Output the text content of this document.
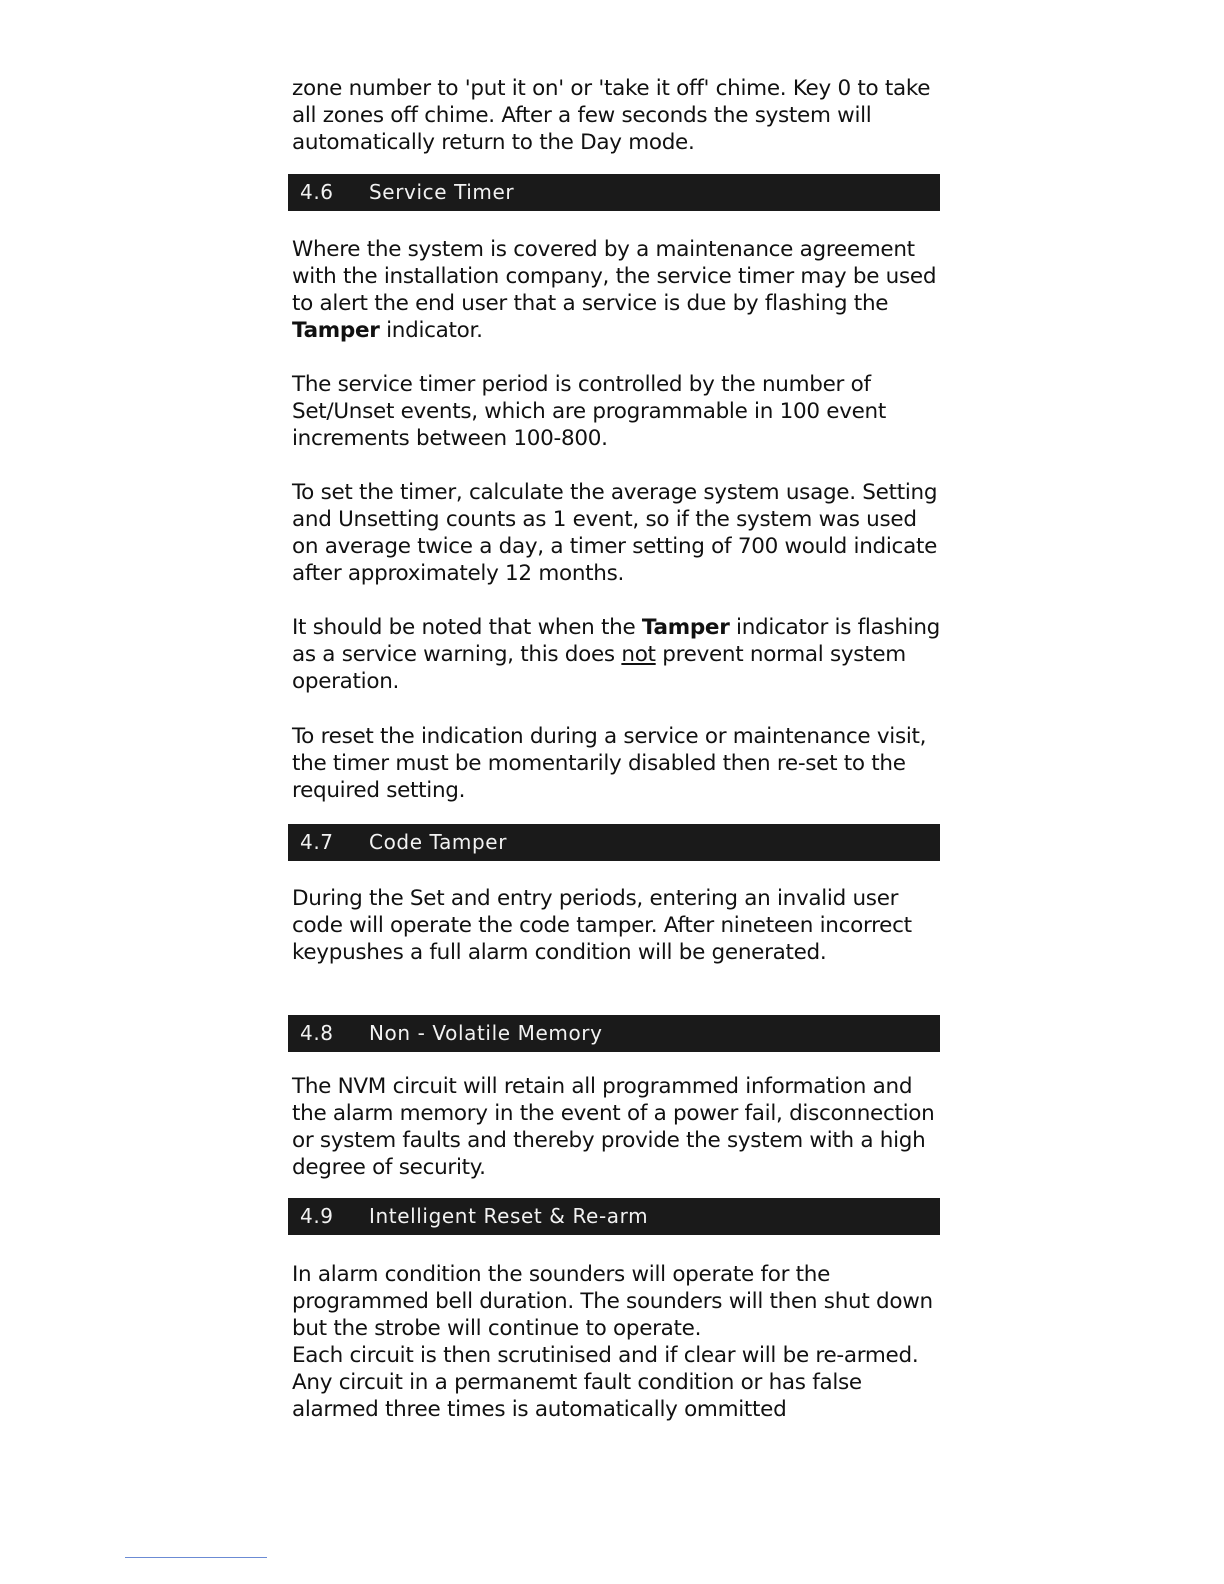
zone number to 'put it on' or 'take it off' chime. Key 0 to take all zones off chime. After a few seconds the system will automatically return to the Day mode.

4.6 Service Timer

Where the system is covered by a maintenance agreement with the installation company, the service timer may be used to alert the end user that a service is due by flashing the Tamper indicator.

The service timer period is controlled by the number of Set/Unset events, which are programmable in 100 event increments between 100-800.

To set the timer, calculate the average system usage. Setting and Unsetting counts as 1 event, so if the system was used on average twice a day, a timer setting of 700 would indicate after approximately 12 months.

It should be noted that when the Tamper indicator is flashing as a service warning, this does not prevent normal system operation.

To reset the indication during a service or maintenance visit, the timer must be momentarily disabled then re-set to the required setting.

4.7 Code Tamper

During the Set and entry periods, entering an invalid user code will operate the code tamper. After nineteen incorrect keypushes a full alarm condition will be generated.

4.8 Non - Volatile Memory

The NVM circuit will retain all programmed information and the alarm memory in the event of a power fail, disconnection or system faults and thereby provide the system with a high degree of security.

4.9 Intelligent Reset & Re-arm

In alarm condition the sounders will operate for the programmed bell duration. The sounders will then shut down but the strobe will continue to operate.

Each circuit is then scrutinised and if clear will be re-armed. Any circuit in a permanemt fault condition or has false alarmed three times is automatically ommitted
